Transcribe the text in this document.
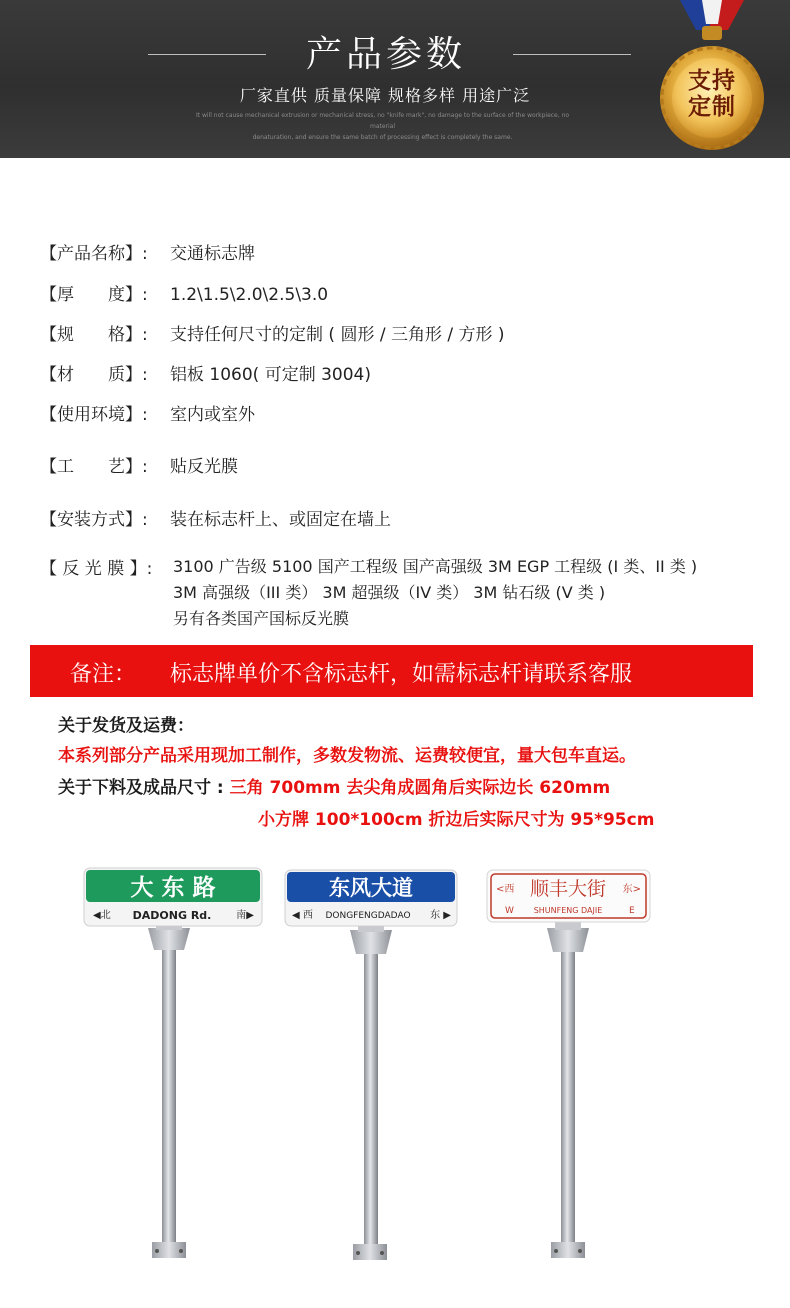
产品参数
厂家直供 质量保障 规格多样 用途广泛
It will not cause mechanical extrusion or mechanical stress, no "knife mark", no damage to the surface of the workpiece, no material
denaturation, and ensure the same batch of processing effect is completely the same.
支持
定制
【产品名称】: 交通标志牌
【厚　　度】: 1.2\1.5\2.0\2.5\3.0
【规　　格】: 支持任何尺寸的定制 ( 圆形 / 三角形 / 方形 )
【材　　质】: 铝板 1060( 可定制 3004)
【使用环境】: 室内或室外
【工　　艺】: 贴反光膜
【安装方式】: 装在标志杆上、或固定在墙上
【 反 光 膜 】: 3100 广告级 5100 国产工程级 国产高强级 3M EGP 工程级 (I 类、II 类 )
3M 高强级（III 类） 3M 超强级（IV 类） 3M 钻石级 (V 类 )
另有各类国产国标反光膜
备注： 标志牌单价不含标志杆，如需标志杆请联系客服
关于发货及运费：
本系列部分产品采用现加工制作，多数发物流、运费较便宜，量大包车直运。
关于下料及成品尺寸 : 三角 700mm 去尖角成圆角后实际边长 620mm
小方牌 100*100cm 折边后实际尺寸为 95*95cm
大 东 路
◀北 DADONG Rd. 南▶
东风大道
◀ 西 DONGFENGDADAO 东 ▶
<西 顺丰大街 东>
W SHUNFENG DAJIE	E
